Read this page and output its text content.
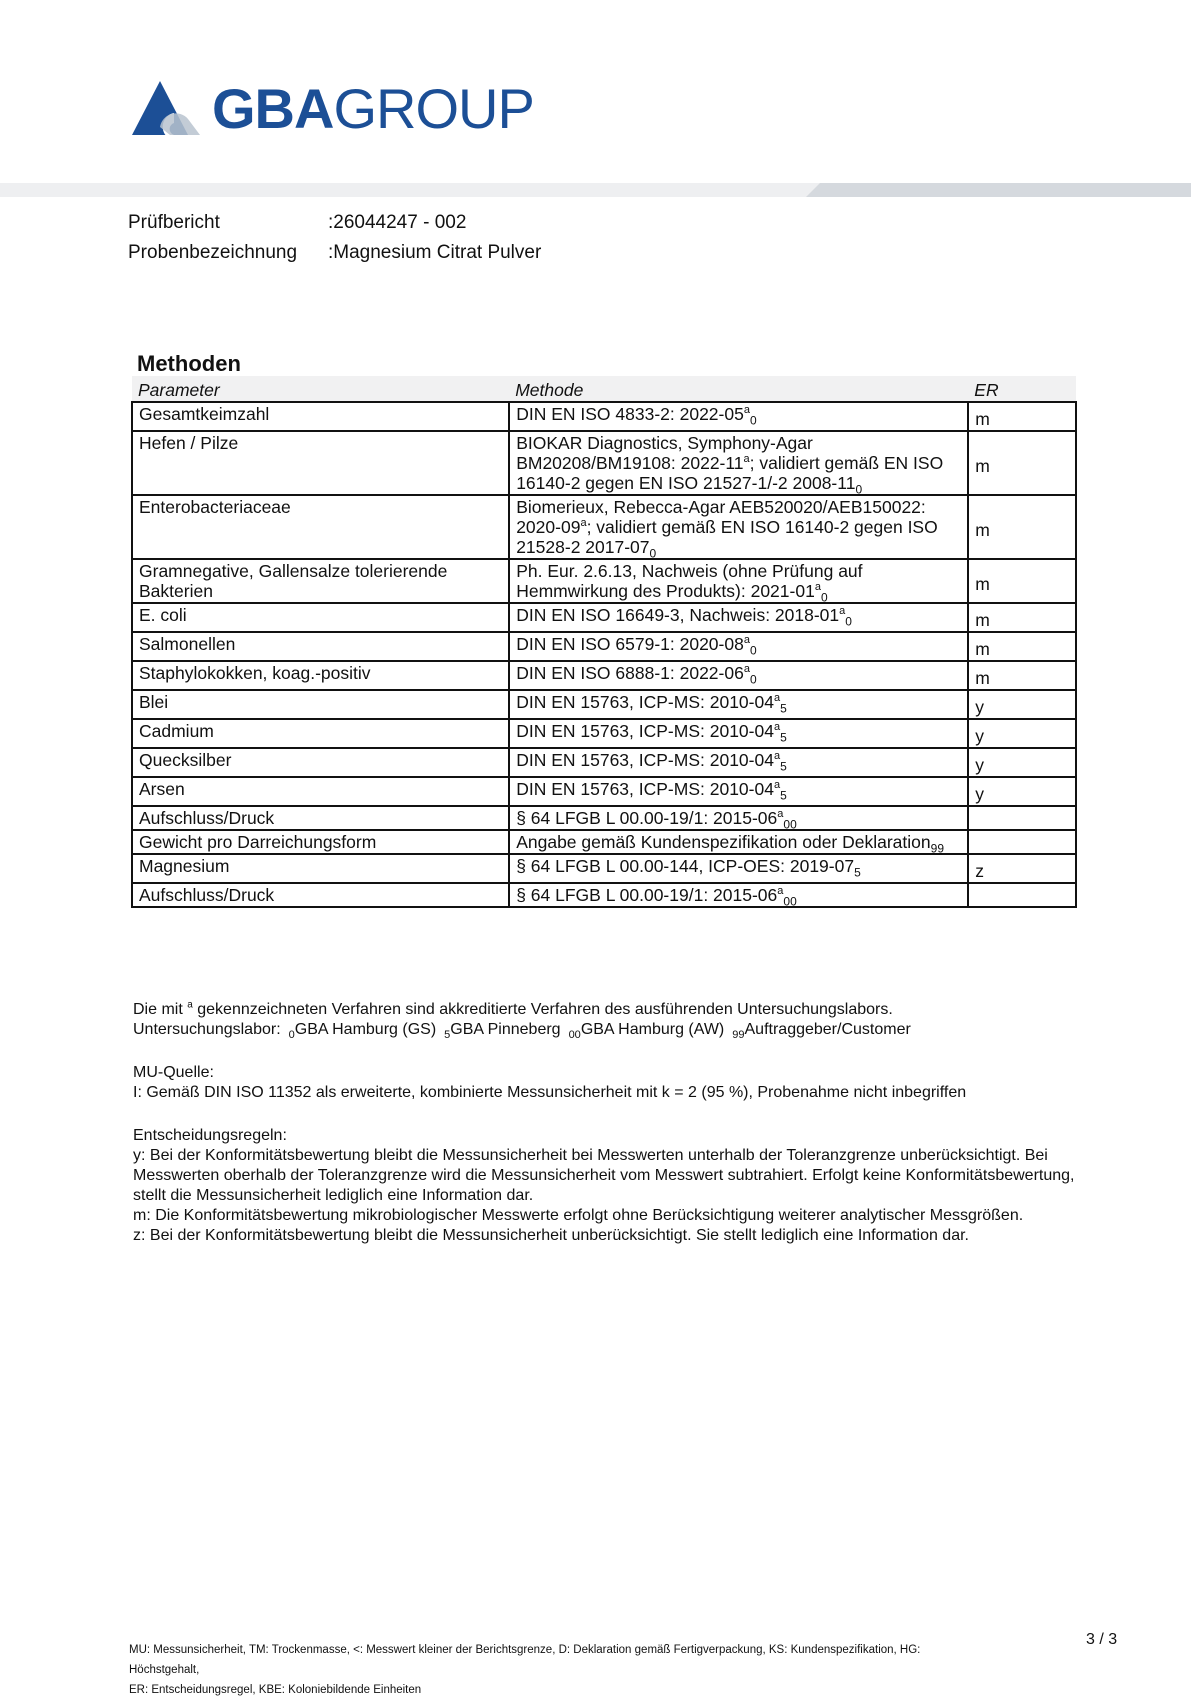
GBAGROUP
Prüfbericht	:26044247 - 002
Probenbezeichnung	:Magnesium Citrat Pulver
Methoden
Parameter	Methode	ER
Gesamtkeimzahl	DIN EN ISO 4833-2: $2022-05^a_0$	m
Hefen / Pilze	BIOKAR Diagnostics, Symphony-Agar BM20208/BM19108: 2022-11$^a$; validiert gemäß EN ISO 16140-2 gegen EN ISO 21527-1/-2 $2008-11_0$	m
Enterobacteriaceae	Biomerieux, Rebecca-Agar AEB520020/AEB150022: 2020-09$^a$; validiert gemäß EN ISO 16140-2 gegen ISO 21528-2 $2017-07_0$	m
Gramnegative, Gallensalze tolerierende Bakterien	Ph. Eur. 2.6.13, Nachweis (ohne Prüfung auf Hemmwirkung des Produkts): $2021-01^a_0$	m
E. coli	DIN EN ISO 16649-3, Nachweis: $2018-01^a_0$	m
Salmonellen	DIN EN ISO 6579-1: $2020-08^a_0$	m
Staphylokokken, koag.-positiv	DIN EN ISO 6888-1: $2022-06^a_0$	m
Blei	DIN EN 15763, ICP-MS: $2010-04^a_5$	y
Cadmium	DIN EN 15763, ICP-MS: $2010-04^a_5$	y
Quecksilber	DIN EN 15763, ICP-MS: $2010-04^a_5$	y
Arsen	DIN EN 15763, ICP-MS: $2010-04^a_5$	y
Aufschluss/Druck	§ 64 LFGB L 00.00-19/1: $2015-06^a_{00}$	
Gewicht pro Darreichungsform	Angabe gemäß Kundenspezifikation oder Deklaration$_{99}$	
Magnesium	§ 64 LFGB L 00.00-144, ICP-OES: $2019-07_5$	z
Aufschluss/Druck	§ 64 LFGB L 00.00-19/1: $2015-06^a_{00}$	

Die mit $^a$ gekennzeichneten Verfahren sind akkreditierte Verfahren des ausführenden Untersuchungslabors.

Untersuchungslabor: $_0$GBA Hamburg (GS) $_5$GBA Pinneberg $_{00}$GBA Hamburg (AW) $_{99}$Auftraggeber/Customer

MU-Quelle:

I: Gemäß DIN ISO 11352 als erweiterte, kombinierte Messunsicherheit mit k = 2 (95 %), Probenahme nicht inbegriffen

Entscheidungsregeln:

y: Bei der Konformitätsbewertung bleibt die Messunsicherheit bei Messwerten unterhalb der Toleranzgrenze unberücksichtigt. Bei Messwerten oberhalb der Toleranzgrenze wird die Messunsicherheit vom Messwert subtrahiert. Erfolgt keine Konformitätsbewertung, stellt die Messunsicherheit lediglich eine Information dar.

m: Die Konformitätsbewertung mikrobiologischer Messwerte erfolgt ohne Berücksichtigung weiterer analytischer Messgrößen.

z: Bei der Konformitätsbewertung bleibt die Messunsicherheit unberücksichtigt. Sie stellt lediglich eine Information dar.

MU: Messunsicherheit, TM: Trockenmasse, <: Messwert kleiner der Berichtsgrenze, D: Deklaration gemäß Fertigverpackung, KS: Kundenspezifikation, HG: Höchstgehalt,
ER: Entscheidungsregel, KBE: Koloniebildende Einheiten
3 / 3
